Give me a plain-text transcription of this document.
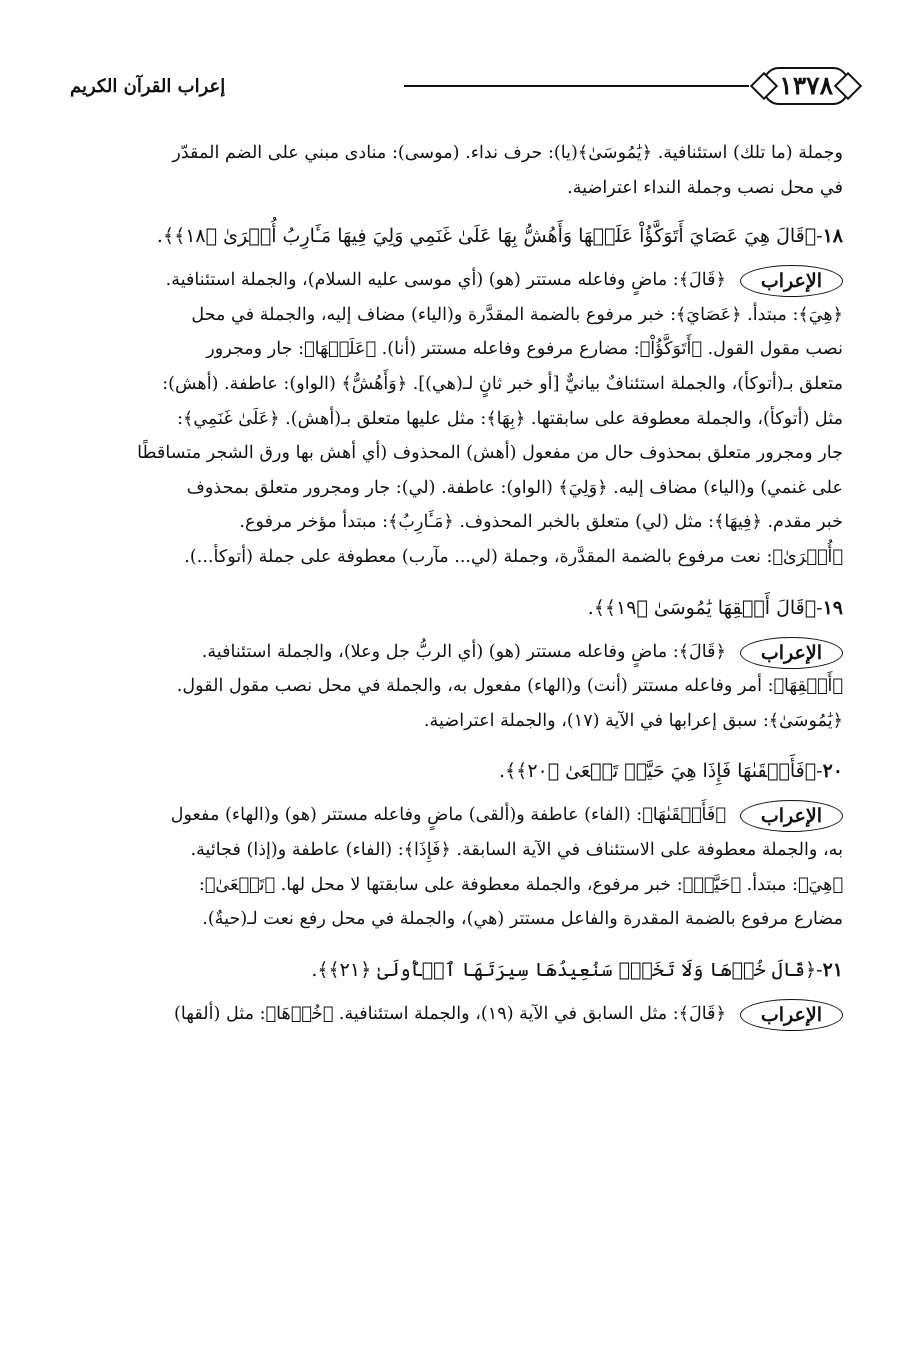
١٣٧٨
إعراب القرآن الكريم

وجملة (ما تلك) استئنافية. ﴿يَٰمُوسَىٰ﴾(يا): حرف نداء. (موسى): منادى مبني على الضم المقدّر

في محل نصب وجملة النداء اعتراضية.

١٨-﴿قَالَ هِيَ عَصَايَ أَتَوَكَّؤُاْ عَلَيۡهَا وَأَهُشُّ بِهَا عَلَىٰ غَنَمِي وَلِيَ فِيهَا مَـَٔارِبُ أُخۡرَىٰ ﴿١٨﴾﴾.
الإعراب

﴿قَالَ﴾: ماضٍ وفاعله مستتر (هو) (أي موسى عليه السلام)، والجملة استئنافية.

﴿هِيَ﴾: مبتدأ. ﴿عَصَايَ﴾: خبر مرفوع بالضمة المقدَّرة و(الياء) مضاف إليه، والجملة في محل

نصب مقول القول. ﴿أَتَوَكَّؤُاْ﴾: مضارع مرفوع وفاعله مستتر (أنا). ﴿عَلَيۡهَا﴾: جار ومجرور

متعلق بـ(أتوكأ)، والجملة استئنافٌ بيانيٌّ [أو خبر ثانٍ لـ(هي)]. ﴿وَأَهُشُّ﴾ (الواو): عاطفة. (أهش):

مثل (أتوكأ)، والجملة معطوفة على سابقتها. ﴿بِهَا﴾: مثل عليها متعلق بـ(أهش). ﴿عَلَىٰ غَنَمِي﴾:

جار ومجرور متعلق بمحذوف حال من مفعول (أهش) المحذوف (أي أهش بها ورق الشجر متساقطًا

على غنمي) و(الياء) مضاف إليه. ﴿وَلِيَ﴾ (الواو): عاطفة. (لي): جار ومجرور متعلق بمحذوف

خبر مقدم. ﴿فِيهَا﴾: مثل (لي) متعلق بالخبر المحذوف. ﴿مَـَٔارِبُ﴾: مبتدأ مؤخر مرفوع.

﴿أُخۡرَىٰ﴾: نعت مرفوع بالضمة المقدَّرة، وجملة (لي... مآرب) معطوفة على جملة (أتوكأ...).

١٩-﴿قَالَ أَلۡقِهَا يَٰمُوسَىٰ ﴿١٩﴾﴾.
الإعراب

﴿قَالَ﴾: ماضٍ وفاعله مستتر (هو) (أي الربُّ جل وعلا)، والجملة استئنافية.

﴿أَلۡقِهَا﴾: أمر وفاعله مستتر (أنت) و(الهاء) مفعول به، والجملة في محل نصب مقول القول.

﴿يَٰمُوسَىٰ﴾: سبق إعرابها في الآية (١٧)، والجملة اعتراضية.

٢٠-﴿فَأَلۡقَىٰهَا فَإِذَا هِيَ حَيَّةٞ تَسۡعَىٰ ﴿٢٠﴾﴾.
الإعراب

﴿فَأَلۡقَىٰهَا﴾: (الفاء) عاطفة و(ألقى) ماضٍ وفاعله مستتر (هو) و(الهاء) مفعول

به، والجملة معطوفة على الاستئناف في الآية السابقة. ﴿فَإِذَا﴾: (الفاء) عاطفة و(إذا) فجائية.

﴿هِيَ﴾: مبتدأ. ﴿حَيَّةٞ﴾: خبر مرفوع، والجملة معطوفة على سابقتها لا محل لها. ﴿تَسۡعَىٰ﴾:

مضارع مرفوع بالضمة المقدرة والفاعل مستتر (هي)، والجملة في محل رفع نعت لـ(حيةٌ).

٢١-﴿قَالَ خُذۡهَا وَلَا تَخَفۡۖ سَنُعِيدُهَا سِيرَتَهَا ٱلۡأُولَىٰ ﴿٢١﴾﴾.
الإعراب

﴿قَالَ﴾: مثل السابق في الآية (١٩)، والجملة استئنافية. ﴿خُذۡهَا﴾: مثل (ألقها)
